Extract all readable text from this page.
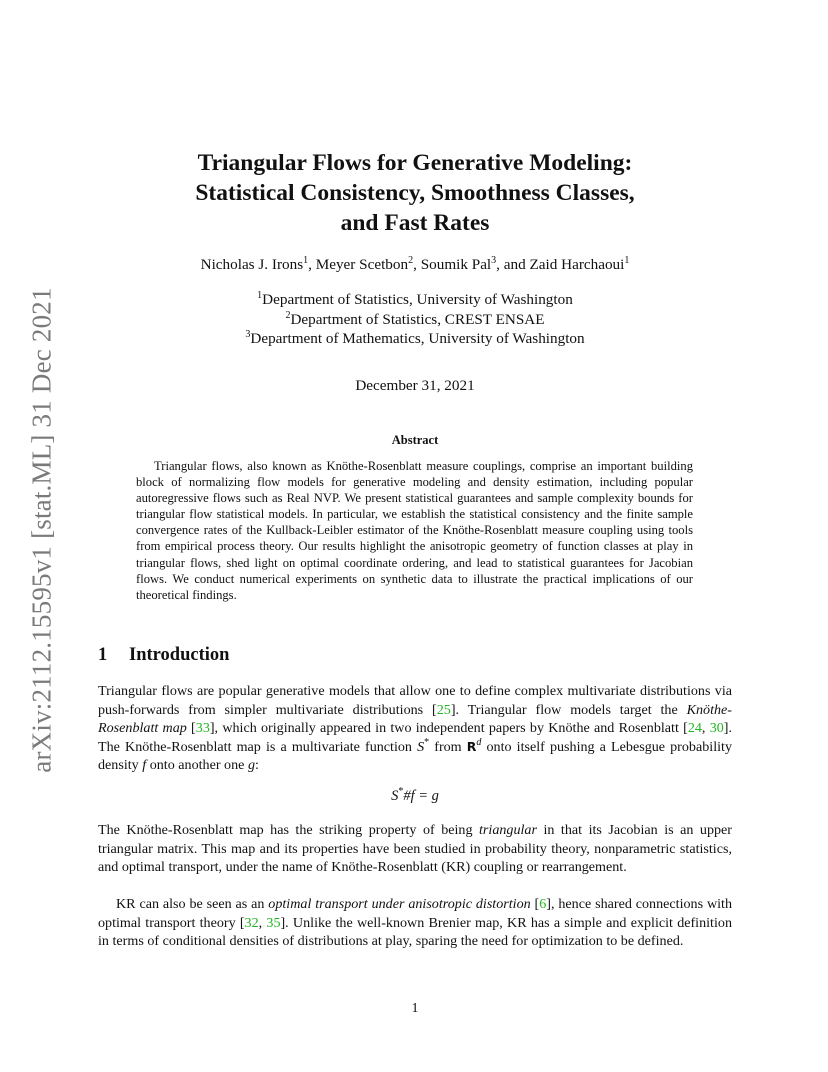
arXiv:2112.15595v1 [stat.ML] 31 Dec 2021
Triangular Flows for Generative Modeling:
Statistical Consistency, Smoothness Classes,
and Fast Rates
Nicholas J. Irons$^1$, Meyer Scetbon$^2$, Soumik Pal$^3$, and Zaid Harchaoui$^1$
$^1$Department of Statistics, University of Washington
$^2$Department of Statistics, CREST ENSAE
$^3$Department of Mathematics, University of Washington
December 31, 2021
Abstract

Triangular flows, also known as Knöthe-Rosenblatt measure couplings, comprise an important building block of normalizing flow models for generative modeling and density estimation, including popular autoregressive flows such as Real NVP. We present statistical guarantees and sample complexity bounds for triangular flow statistical models. In particular, we establish the statistical consistency and the finite sample convergence rates of the Kullback-Leibler estimator of the Knöthe-Rosenblatt measure coupling using tools from empirical process theory. Our results highlight the anisotropic geometry of function classes at play in triangular flows, shed light on optimal coordinate ordering, and lead to statistical guarantees for Jacobian flows. We conduct numerical experiments on synthetic data to illustrate the practical implications of our theoretical findings.

1 Introduction

Triangular flows are popular generative models that allow one to define complex multivariate distributions via push-forwards from simpler multivariate distributions [25]. Triangular flow models target the Knöthe-Rosenblatt map [33], which originally appeared in two independent papers by Knöthe and Rosenblatt [24, 30]. The Knöthe-Rosenblatt map is a multivariate function S* from $R^d$ onto itself pushing a Lebesgue probability density f onto another one g:

S*#f = g

The Knöthe-Rosenblatt map has the striking property of being triangular in that its Jacobian is an upper triangular matrix. This map and its properties have been studied in probability theory, nonparametric statistics, and optimal transport, under the name of Knöthe-Rosenblatt (KR) coupling or rearrangement.

KR can also be seen as an optimal transport under anisotropic distortion [6], hence shared connections with optimal transport theory [32, 35]. Unlike the well-known Brenier map, KR has a simple and explicit definition in terms of conditional densities of distributions at play, sparing the need for optimization to be defined.

1
